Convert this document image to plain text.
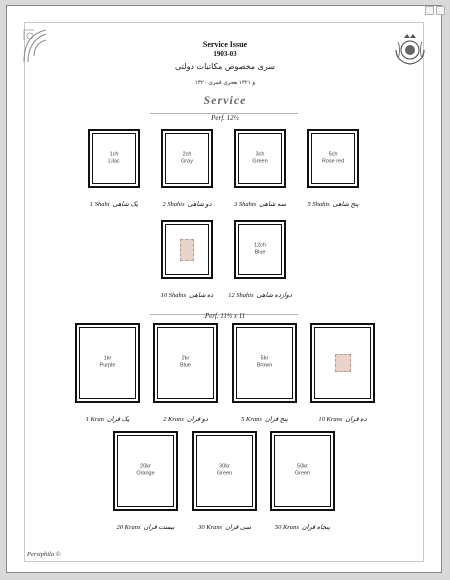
Service Issue
1903-03
سری مخصوص مکاتبات دولتی
۱۳۲۰ و ۱۳۲۱ هجری قمری
Service
Perf. 12½
Perf. 11½ x 11
1ch
Lilac
1 Shahi یک شاهی
2ch
Gray
2 Shahis دو شاهی
3ch
Green
3 Shahis سه شاهی
5ch
Rose red
5 Shahis پنج شاهی
10 Shahis ده شاهی
12ch
Blue
12 Shahis دوازده شاهی
1kr
Purple
1 Kran یک قران
2kr
Blue
2 Krans دو قران
5kr
Brown
5 Krans پنج قران	10 Krans ده قران
20kr
Orange
20 Krans بیست قران
30kr
Green
30 Krans سی قران
50kr
Green
50 Krans پنجاه قران
Persiphila ©
